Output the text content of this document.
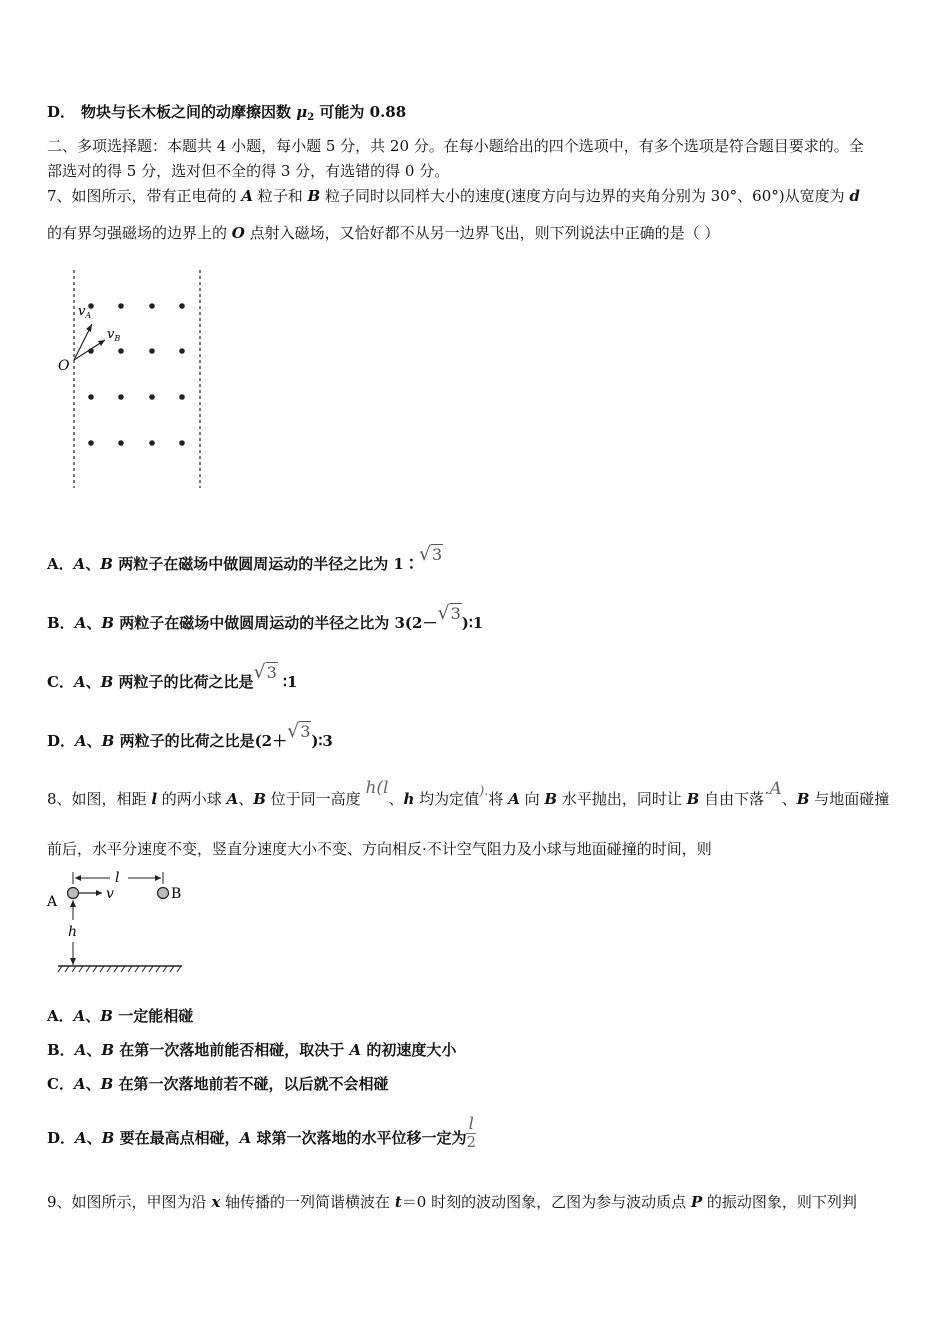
D． 物块与长木板之间的动摩擦因数 $\mu_2$ 可能为 0.88
二、多项选择题：本题共 4 小题，每小题 5 分，共 20 分。在每小题给出的四个选项中，有多个选项是符合题目要求的。全
部选对的得 5 分，选对但不全的得 3 分，有选错的得 0 分。
7、如图所示，带有正电荷的 A 粒子和 B 粒子同时以同样大小的速度(速度方向与边界的夹角分别为 30°、60°)从宽度为 d
的有界匀强磁场的边界上的 O 点射入磁场，又恰好都不从另一边界飞出，则下列说法中正确的是（ ）
O
$v_A$
$v_B$
A．A、B 两粒子在磁场中做圆周运动的半径之比为 1∶√3
B．A、B 两粒子在磁场中做圆周运动的半径之比为 3(2－√3)∶1
C．A、B 两粒子的比荷之比是√3 ∶1
D．A、B 两粒子的比荷之比是(2＋√3)∶3
8、如图，相距 l 的两小球 A、B 位于同一高度 h(l、h 均为定值).将 A 向 B 水平抛出，同时让 B 自由下落.A、B 与地面碰撞
前后，水平分速度不变，竖直分速度大小不变、方向相反·不计空气阻力及小球与地面碰撞的时间，则
l
v
A	B
h
A．A、B 一定能相碰
B．A、B 在第一次落地前能否相碰，取决于 A 的初速度大小
C．A、B 在第一次落地前若不碰，以后就不会相碰
D．A、B 要在最高点相碰，A 球第一次落地的水平位移一定为 $\frac{l}{2}$
9、如图所示，甲图为沿 x 轴传播的一列简谐横波在 t＝0 时刻的波动图象，乙图为参与波动质点 P 的振动图象，则下列判
